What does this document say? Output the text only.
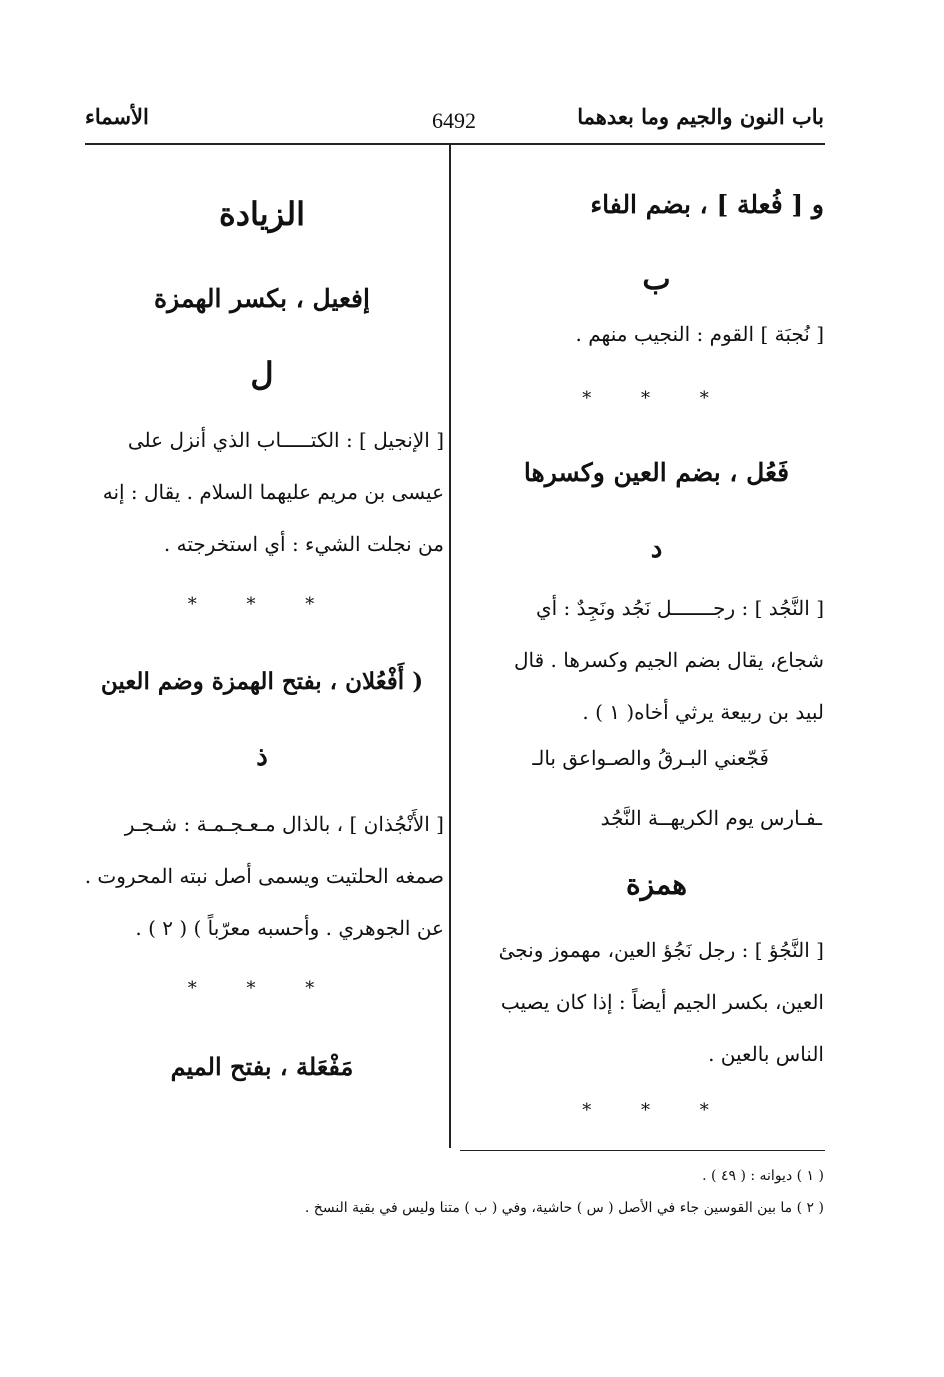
باب النون والجيم وما بعدهما
6492
الأسماء
و [ فُعلة ] ، بضم الفاء
ب
[ نُجبَة ] القوم : النجيب منهم .
* * *
فَعُل ، بضم العين وكسرها
د

[ النَّجُد ] : رجـــــــل نَجُد ونَجِدٌ : أي

شجاع، يقال بضم الجيم وكسرها . قال

لبيد بن ربيعة يرثي أخاه( ١ ) .

فَجّعني البـرقُ والصـواعق بالـ
ـفـارس يوم الكريهــة النَّجُد
همزة

[ النَّجُؤ ] : رجل نَجُؤ العين، مهموز ونجئ

العين، بكسر الجيم أيضاً : إذا كان يصيب

الناس بالعين .

* * *
الزيادة
إفعيل ، بكسر الهمزة
ل

[ الإنجيل ] : الكتـــــاب الذي أنزل على

عيسى بن مريم عليهما السلام . يقال : إنه

من نجلت الشيء : أي استخرجته .

* * *
( أَفْعُلان ، بفتح الهمزة وضم العين
ذ

[ الأَنْجُذان ] ، بالذال مـعـجـمـة : شـجـر

صمغه الحلتيت ويسمى أصل نبته المحروت .

عن الجوهري . وأحسبه معرّباً ) ( ٢ ) .

* * *
مَفْعَلة ، بفتح الميم
( ١ ) ديوانه : ( ٤٩ ) .
( ٢ ) ما بين القوسين جاء في الأصل ( س ) حاشية، وفي ( ب ) متنا وليس في بقية النسخ .
